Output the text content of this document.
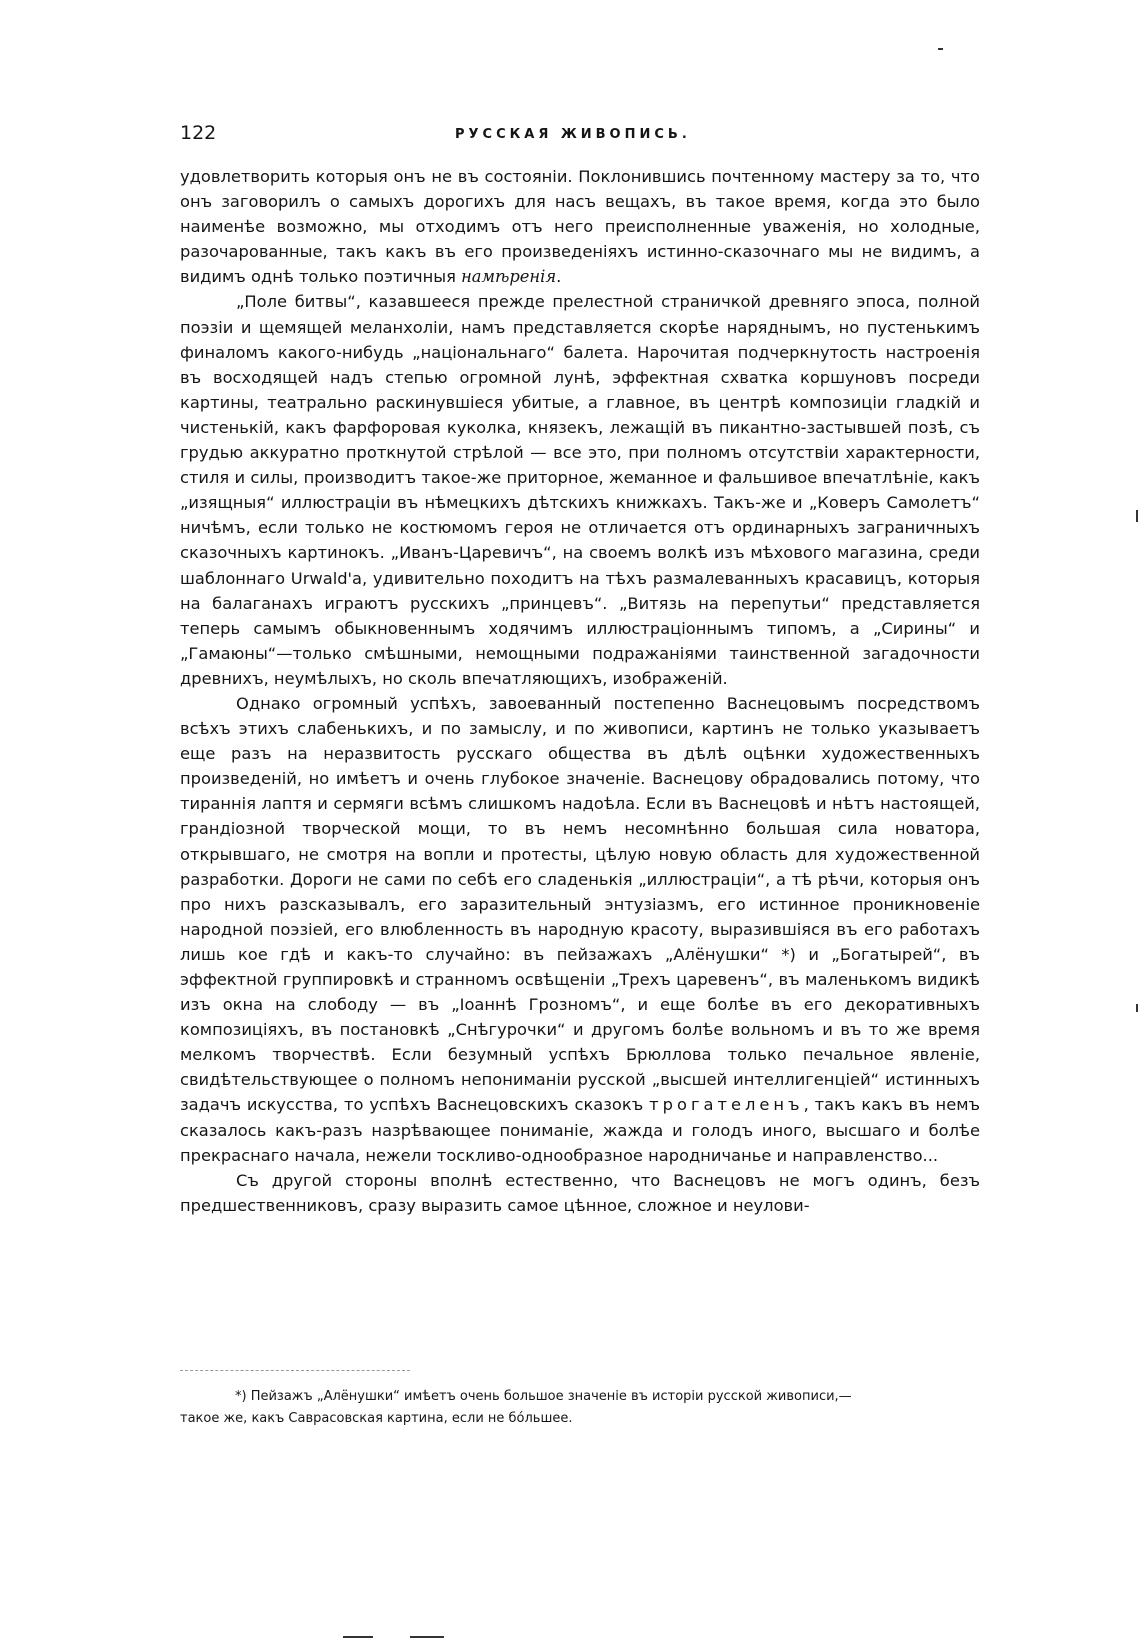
122	РУССКАЯ ЖИВОПИСЬ.

удовлетворить которыя онъ не въ состоянiи. Поклонившись почтенному мастеру за то, что онъ заговорилъ о самыхъ дорогихъ для насъ вещахъ, въ такое время, когда это было наименѣе возможно, мы отходимъ отъ него преисполненные уваженiя, но холодные, разочарованные, такъ какъ въ его произведенiяхъ истинно-сказочнаго мы не видимъ, а видимъ однѣ только поэтичныя намѣренiя.

„Поле битвы“, казавшееся прежде прелестной страничкой древняго эпоса, полной поэзiи и щемящей меланхолiи, намъ представляется скорѣе наряднымъ, но пустенькимъ финаломъ какого-нибудь „нацiональнаго“ балета. Нарочитая подчеркнутость настроенiя въ восходящей надъ степью огромной лунѣ, эффектная схватка коршуновъ посреди картины, театрально раскинувшiеся убитые, а главное, въ центрѣ композицiи гладкiй и чистенькiй, какъ фарфоровая куколка, князекъ, лежащiй въ пикантно-застывшей позѣ, съ грудью аккуратно проткнутой стрѣлой — все это, при полномъ отсутствiи характерности, стиля и силы, производитъ такое-же приторное, жеманное и фальшивое впечатлѣнiе, какъ „изящныя“ иллюстрацiи въ нѣмецкихъ дѣтскихъ книжкахъ. Такъ-же и „Коверъ Самолетъ“ ничѣмъ, если только не костюмомъ героя не отличается отъ ординарныхъ заграничныхъ сказочныхъ картинокъ. „Иванъ-Царевичъ“, на своемъ волкѣ изъ мѣхового магазина, среди шаблоннаго Urwald'a, удивительно походитъ на тѣхъ размалеванныхъ красавицъ, которыя на балаганахъ играютъ русскихъ „принцевъ“. „Витязь на перепутьи“ представляется теперь самымъ обыкновеннымъ ходячимъ иллюстрацiоннымъ типомъ, а „Сирины“ и „Гамаюны“—только смѣшными, немощными подражанiями таинственной загадочности древнихъ, неумѣлыхъ, но сколь впечатляющихъ, изображенiй.

Однако огромный успѣхъ, завоеванный постепенно Васнецовымъ посредствомъ всѣхъ этихъ слабенькихъ, и по замыслу, и по живописи, картинъ не только указываетъ еще разъ на неразвитость русскаго общества въ дѣлѣ оцѣнки художественныхъ произведенiй, но имѣетъ и очень глубокое значенiе. Васнецову обрадовались потому, что тираннiя лаптя и сермяги всѣмъ слишкомъ надоѣла. Если въ Васнецовѣ и нѣтъ настоящей, грандiозной творческой мощи, то въ немъ несомнѣнно большая сила новатора, открывшаго, не смотря на вопли и протесты, цѣлую новую область для художественной разработки. Дороги не сами по себѣ его сладенькiя „иллюстрацiи“, а тѣ рѣчи, которыя онъ про нихъ разсказывалъ, его заразительный энтузiазмъ, его истинное проникновенiе народной поэзiей, его влюбленность въ народную красоту, выразившiяся въ его работахъ лишь кое гдѣ и какъ-то случайно: въ пейзажахъ „Алёнушки“ *) и „Богатырей“, въ эффектной группировкѣ и странномъ освѣщенiи „Трехъ царевенъ“, въ маленькомъ видикѣ изъ окна на слободу — въ „Iоаннѣ Грозномъ“, и еще болѣе въ его декоративныхъ композицiяхъ, въ постановкѣ „Снѣгурочки“ и другомъ болѣе вольномъ и въ то же время мелкомъ творчествѣ. Если безумный успѣхъ Брюллова только печальное явленiе, свидѣтельствующее о полномъ непониманiи русской „высшей интеллигенцiей“ истинныхъ задачъ искусства, то успѣхъ Васнецовскихъ сказокъ трогателенъ, такъ какъ въ немъ сказалось какъ-разъ назрѣвающее пониманiе, жажда и голодъ иного, высшаго и болѣе прекраснаго начала, нежели тоскливо-однообразное народничанье и направленство...

Съ другой стороны вполнѣ естественно, что Васнецовъ не могъ одинъ, безъ предшественниковъ, сразу выразить самое цѣнное, сложное и неулови-

*) Пейзажъ „Алёнушки“ имѣетъ очень большое значенiе въ исторiи русской живописи,—

такое же, какъ Саврасовская картина, если не бóльшее.
